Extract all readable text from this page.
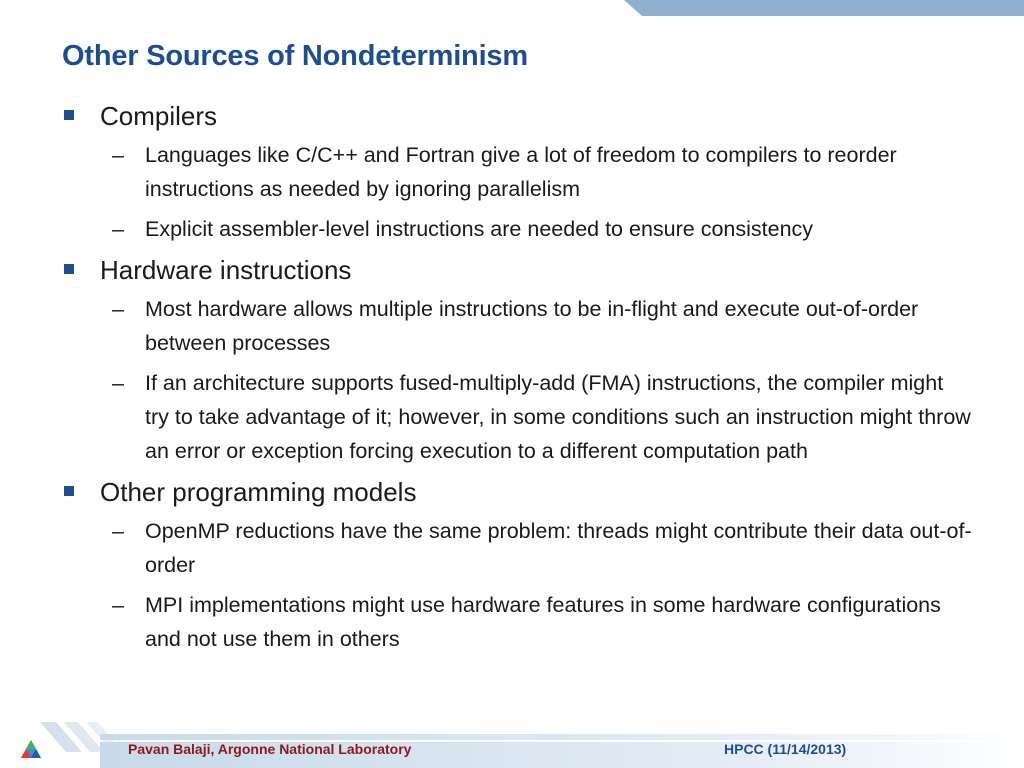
Other Sources of Nondeterminism
Compilers
– Languages like C/C++ and Fortran give a lot of freedom to compilers to reorder instructions as needed by ignoring parallelism
– Explicit assembler-level instructions are needed to ensure consistency
Hardware instructions
– Most hardware allows multiple instructions to be in-flight and execute out-of-order between processes
– If an architecture supports fused-multiply-add (FMA) instructions, the compiler might try to take advantage of it; however, in some conditions such an instruction might throw an error or exception forcing execution to a different computation path
Other programming models
– OpenMP reductions have the same problem: threads might contribute their data out-of-order
– MPI implementations might use hardware features in some hardware configurations and not use them in others
Pavan Balaji, Argonne National Laboratory	HPCC (11/14/2013)
